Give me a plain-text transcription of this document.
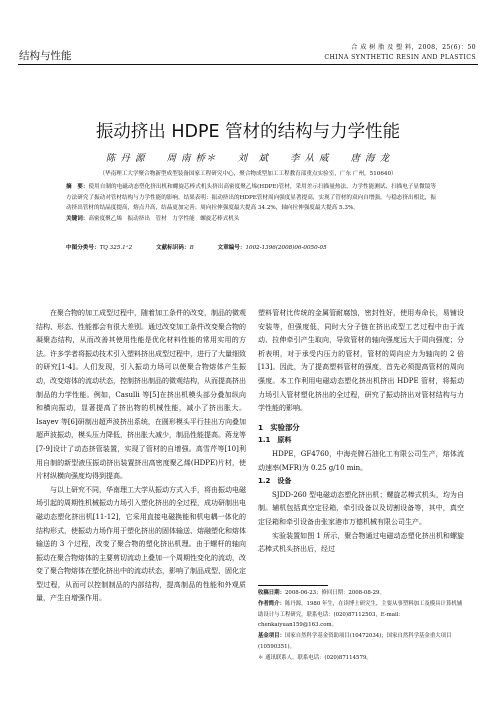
结构与性能
合 成 树 脂 及 塑 料，2008，25(6)：50
CHINA SYNTHETIC RESIN AND PLASTICS
振动挤出 HDPE 管材的结构与力学性能
陈 丹 源　　周 南 桥＊　　刘　斌　　李 从 威　　唐 海 龙
（华南理工大学聚合物新型成型装备国家工程研究中心，聚合物成型加工工程教育部重点实验室，广东 广州，510640）

摘　要：使用自制的电磁动态塑化挤出机和螺旋芯棒式机头挤出高密度聚乙烯(HDPE)管材，采用差示扫描量热法、力学性能测试、扫描电子显微镜等方法研究了振动对管材结构与力学性能的影响。结果表明：振动挤出的HDPE管材周向强度显著提高，实现了管材的双向自增强，与稳态挤出相比，振动挤出管材的结晶度提高，熔点升高，结晶更加完善；周向拉伸强度最大提高 34.2%，轴向拉伸强度最大提高 5.3%。

关键词：高密度聚乙烯　振动挤出　管材　力学性能　螺旋芯棒式机头

中图分类号：TQ 325.1⁺2	文献标识码：B	文章编号：1002-1396(2008)06-0050-05

在聚合物的加工成型过程中，随着加工条件的改变，制品的微观结构、形态、性能都会有很大差别。通过改变加工条件改变聚合物的凝聚态结构，从而改善其使用性能是优化材料性能的常用实用的方法。许多学者将振动技术引入塑料挤出成型过程中，进行了大量细致的研究[1-4]。人们发现，引入振动力场可以使聚合物熔体产生振动，改变熔体的流动状态，控制挤出制品的微观结构，从而提高挤出制品的力学性能。例如，Casulli 等[5]在挤出机模头部分叠加纵向和横向振动，显著提高了挤出物的机械性能，减小了挤出胀大。Isayev 等[6]研制出超声波挤出系统，在圆形模头平行挂出方向叠加超声波振动，模头压力降低，挤出胀大减少，制品性能提高。蒋龙等[7-9]设计了动态挤管装置，实现了管材的自增强。高雪芹等[10]利用自制的新型液压振动挤出装置挤出高密度聚乙烯(HDPE)片材，使片材纵横向强度均得到提高。

与以上研究不同，华南理工大学从振动方式入手，将由振动电磁场引起的周期性机械振动力场引入塑化挤出的全过程，成功研制出电磁动态塑化挤出机[11-12]，它采用直接电磁换能和机电耦一体化的结构形式，使振动力场作用于塑化挤出的固体输送、熔融塑化和熔体输送的 3 个过程，改变了聚合物的塑化挤出机理。由于螺杆的轴向振动在聚合物熔体的主要剪切流动上叠加一个周期性变化的流动，改变了聚合物熔体在塑化挤出中的流动状态，影响了制品成型、固化定型过程，从而可以控制制品的内部结构，提高制品的性能和外观质量，产生自增强作用。

塑料管材比传统的金属管耐腐蚀，密封性好，使用寿命长，易铺设安装等，但强度低，同时大分子链在挤出成型工艺过程中由于流动、拉伸牵引产生取向，导致管材的轴向强度远大于周向强度；分析表明，对于承受内压力的管材，管材的周向应力为轴向的 2 倍[13]。因此，为了提高塑料管材的强度，首先必须提高管材的周向强度。本工作利用电磁动态塑化挤出机挤出 HDPE 管材，将振动力场引入管材塑化挤出的全过程，研究了振动挤出对管材结构与力学性能的影响。

1　实验部分
1.1　原料

HDPE，GF4760，中海壳牌石油化工有限公司生产，熔体流动速率(MFR)为 0.25 g/10 min。

1.2　设备

SJDD-260 型电磁动态塑化挤出机；螺旋芯棒式机头，均为自制。辅机包括真空定径箱，牵引设备以及切割设备等，其中，真空定径箱和牵引设备由张家港市万德机械有限公司生产。

实验装置如图 1 所示，聚合物通过电磁动态塑化挤出机和螺旋芯棒式机头挤出后，经过

收稿日期：2008-06-23；修回日期：2008-08-29。

作者简介：陈丹源，1980 年生，在读博士研究生，主要从事塑料加工及模具计算机辅助设计与工程研究，联系电话：(020)87112503，E-mail：chenkaiyuan159@163.com。

基金项目：国家自然科学基金资助项目(10472034)；国家自然科学基金重大项目(10590351)。

＊ 通讯联系人。联系电话：(020)87114579。
